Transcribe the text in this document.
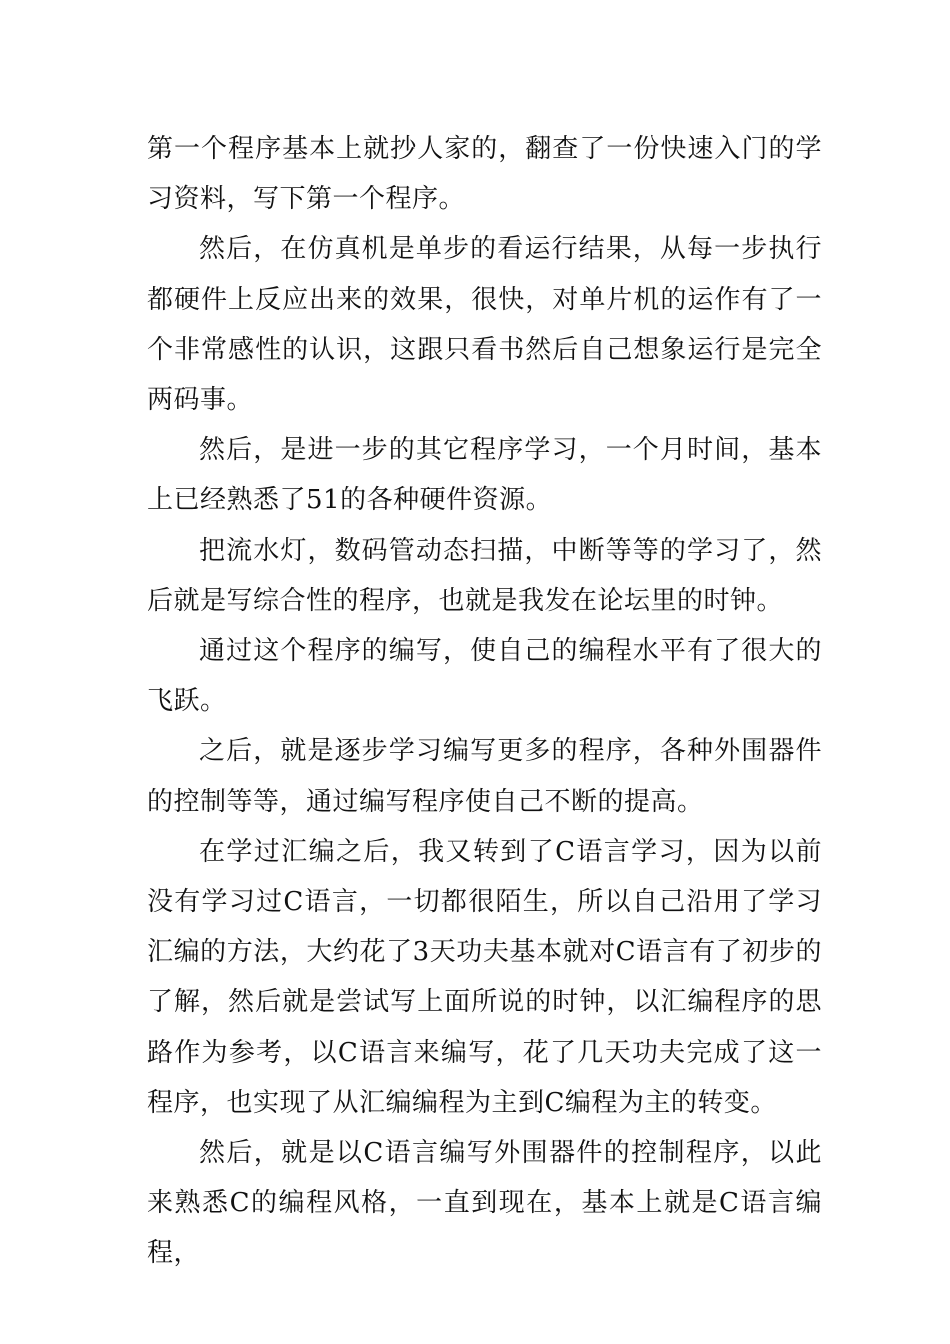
第一个程序基本上就抄人家的，翻查了一份快速入门的学习资料，写下第一个程序。

然后，在仿真机是单步的看运行结果，从每一步执行都硬件上反应出来的效果，很快，对单片机的运作有了一个非常感性的认识，这跟只看书然后自己想象运行是完全两码事。

然后，是进一步的其它程序学习，一个月时间，基本上已经熟悉了51的各种硬件资源。

把流水灯，数码管动态扫描，中断等等的学习了，然后就是写综合性的程序，也就是我发在论坛里的时钟。

通过这个程序的编写，使自己的编程水平有了很大的飞跃。

之后，就是逐步学习编写更多的程序，各种外围器件的控制等等，通过编写程序使自己不断的提高。

在学过汇编之后，我又转到了C语言学习，因为以前没有学习过C语言，一切都很陌生，所以自己沿用了学习汇编的方法，大约花了3天功夫基本就对C语言有了初步的了解，然后就是尝试写上面所说的时钟，以汇编程序的思路作为参考，以C语言来编写，花了几天功夫完成了这一程序，也实现了从汇编编程为主到C编程为主的转变。

然后，就是以C语言编写外围器件的控制程序，以此来熟悉C的编程风格，一直到现在，基本上就是C语言编程，
